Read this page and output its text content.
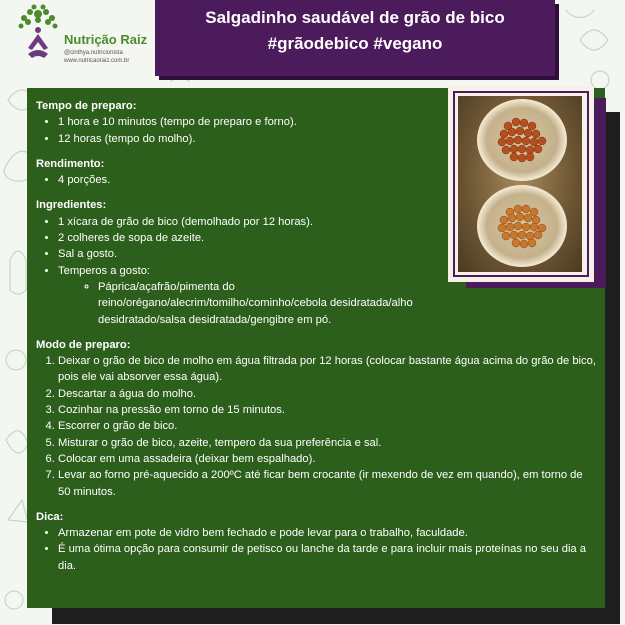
Nutrição Raiz
@cinthya.nutricionista
www.nutricaoraiz.com.br
Salgadinho saudável de grão de bico
#grãodebico #vegano

Tempo de preparo:

• 1 hora e 10 minutos (tempo de preparo e forno).
• 12 horas (tempo do molho).

Rendimento:

• 4 porções.

Ingredientes:

• 1 xícara de grão de bico (demolhado por 12 horas).
• 2 colheres de sopa de azeite.
• Sal a gosto.
• Temperos a gosto:
◦ Páprica/açafrão/pimenta do reino/orégano/alecrim/tomilho/cominho/cebola desidratada/alho desidratado/salsa desidratada/gengibre em pó.

Modo de preparo:

1. Deixar o grão de bico de molho em água filtrada por 12 horas (colocar bastante água acima do grão de bico, pois ele vai absorver essa água).
2. Descartar a água do molho.
3. Cozinhar na pressão em torno de 15 minutos.
4. Escorrer o grão de bico.
5. Misturar o grão de bico, azeite, tempero da sua preferência e sal.
6. Colocar em uma assadeira (deixar bem espalhado).
7. Levar ao forno pré-aquecido a 200ºC até ficar bem crocante (ir mexendo de vez em quando), em torno de 50 minutos.

Dica:

• Armazenar em pote de vidro bem fechado e pode levar para o trabalho, faculdade.
• É uma ótima opção para consumir de petisco ou lanche da tarde e para incluir mais proteínas no seu dia a dia.
